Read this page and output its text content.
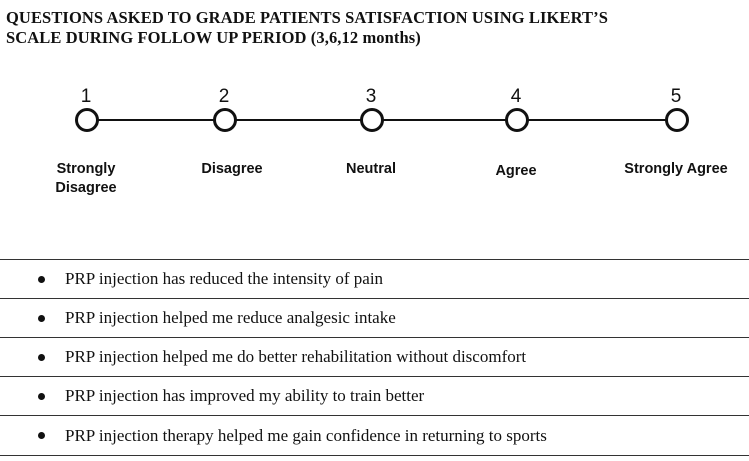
QUESTIONS ASKED TO GRADE PATIENTS SATISFACTION USING LIKERT’S
SCALE DURING FOLLOW UP PERIOD (3,6,12 months)
1
Strongly
Disagree
2
Disagree
3
Neutral
4
Agree
5
Strongly Agree
PRP injection has reduced the intensity of pain
PRP injection helped me reduce analgesic intake
PRP injection helped me do better rehabilitation without discomfort
PRP injection has improved my ability to train better
PRP injection therapy helped me gain confidence in returning to sports
